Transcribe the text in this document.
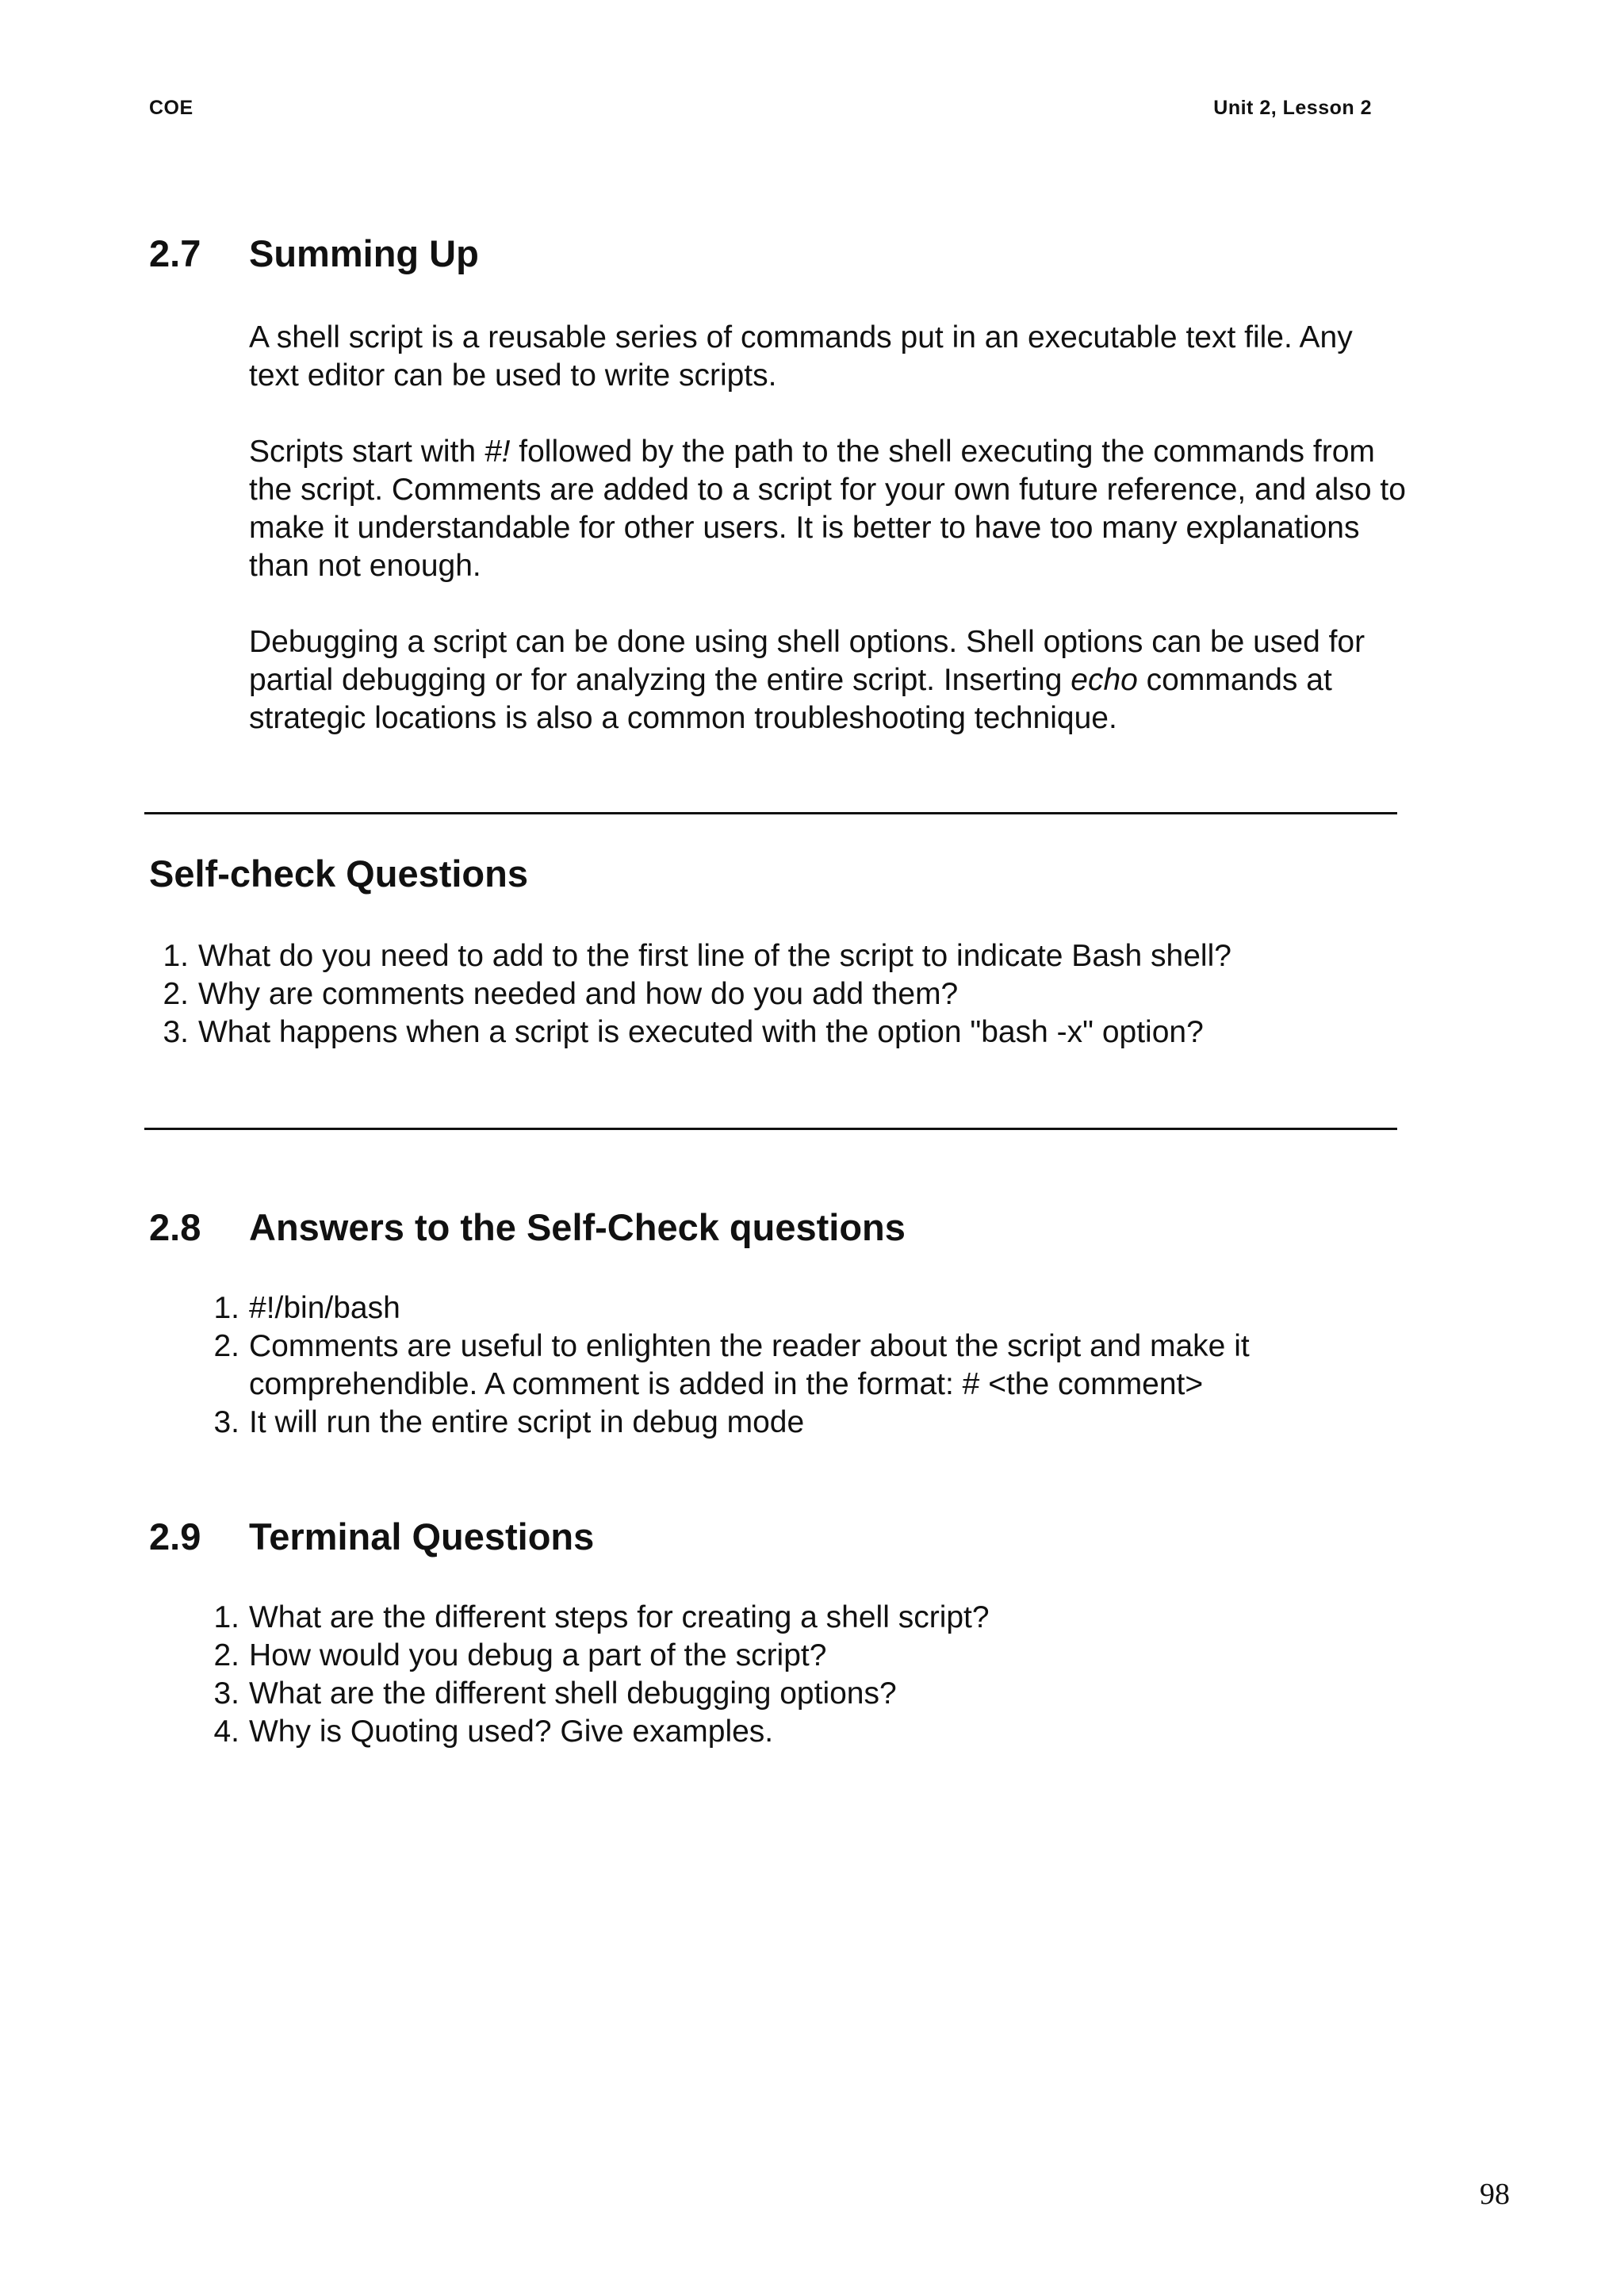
COE	Unit 2, Lesson 2
2.7 Summing Up

A shell script is a reusable series of commands put in an executable text file. Any text editor can be used to write scripts.

Scripts start with #! followed by the path to the shell executing the commands from the script. Comments are added to a script for your own future reference, and also to make it understandable for other users. It is better to have too many explanations than not enough.

Debugging a script can be done using shell options. Shell options can be used for partial debugging or for analyzing the entire script. Inserting echo commands at strategic locations is also a common troubleshooting technique.

Self-check Questions
1. What do you need to add to the first line of the script to indicate Bash shell?
2. Why are comments needed and how do you add them?
3. What happens when a script is executed with the option "bash -x" option?
2.8 Answers to the Self-Check questions
1. #!/bin/bash
2. Comments are useful to enlighten the reader about the script and make it comprehendible. A comment is added in the format: # <the comment>
3. It will run the entire script in debug mode
2.9 Terminal Questions
1. What are the different steps for creating a shell script?
2. How would you debug a part of the script?
3. What are the different shell debugging options?
4. Why is Quoting used? Give examples.
98
